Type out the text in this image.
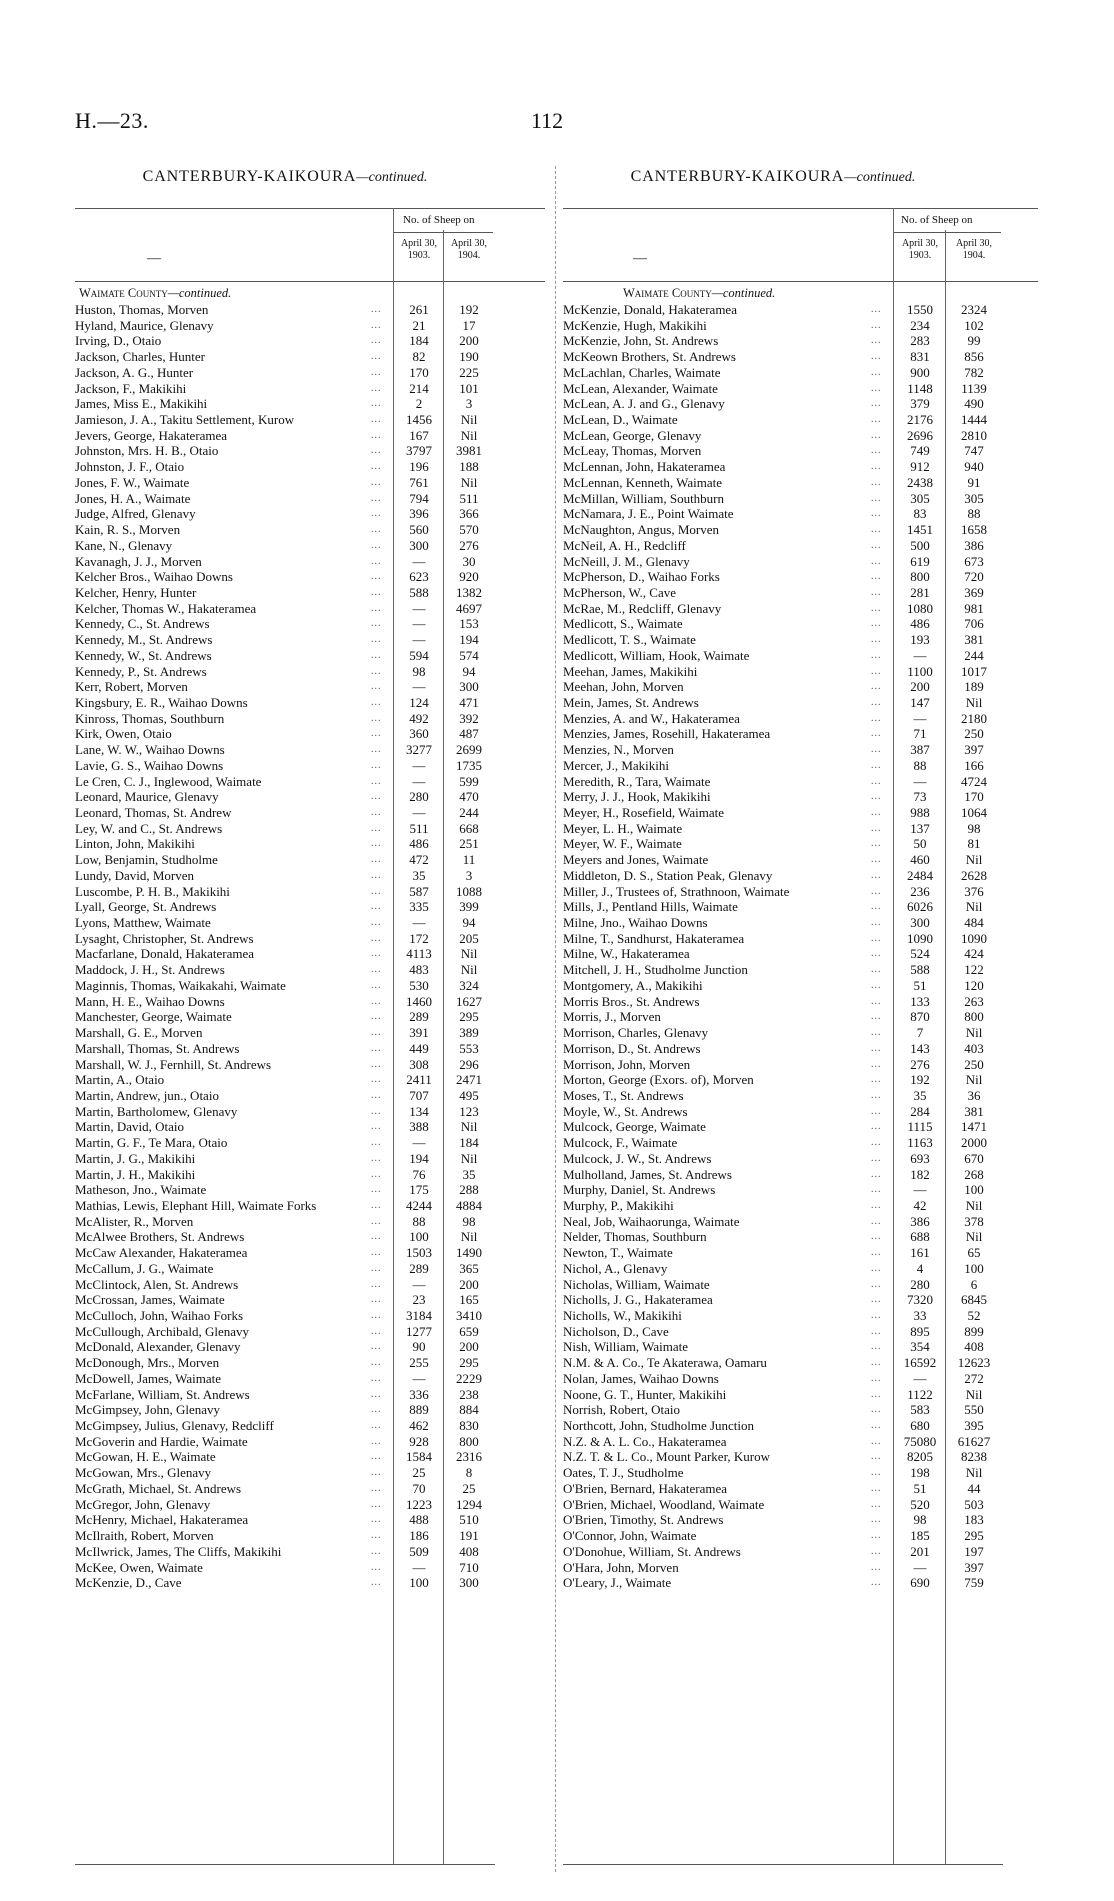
H.—23.	112
CANTERBURY-KAIKOURA—continued.
—
No. of Sheep on
April 30, 1903.
April 30, 1904.
Waimate County—continued.
Huston, Thomas, Morven	...	261	192
Hyland, Maurice, Glenavy	...	21	17
Irving, D., Otaio	...	184	200
Jackson, Charles, Hunter	...	82	190
Jackson, A. G., Hunter	...	170	225
Jackson, F., Makikihi	...	214	101
James, Miss E., Makikihi	...	2	3
Jamieson, J. A., Takitu Settlement, Kurow	...	1456	Nil
Jevers, George, Hakateramea	...	167	Nil
Johnston, Mrs. H. B., Otaio	...	3797	3981
Johnston, J. F., Otaio	...	196	188
Jones, F. W., Waimate	...	761	Nil
Jones, H. A., Waimate	...	794	511
Judge, Alfred, Glenavy	...	396	366
Kain, R. S., Morven	...	560	570
Kane, N., Glenavy	...	300	276
Kavanagh, J. J., Morven	...	—	30
Kelcher Bros., Waihao Downs	...	623	920
Kelcher, Henry, Hunter	...	588	1382
Kelcher, Thomas W., Hakateramea	...	—	4697
Kennedy, C., St. Andrews	...	—	153
Kennedy, M., St. Andrews	...	—	194
Kennedy, W., St. Andrews	...	594	574
Kennedy, P., St. Andrews	...	98	94
Kerr, Robert, Morven	...	—	300
Kingsbury, E. R., Waihao Downs	...	124	471
Kinross, Thomas, Southburn	...	492	392
Kirk, Owen, Otaio	...	360	487
Lane, W. W., Waihao Downs	...	3277	2699
Lavie, G. S., Waihao Downs	...	—	1735
Le Cren, C. J., Inglewood, Waimate	...	—	599
Leonard, Maurice, Glenavy	...	280	470
Leonard, Thomas, St. Andrew	...	—	244
Ley, W. and C., St. Andrews	...	511	668
Linton, John, Makikihi	...	486	251
Low, Benjamin, Studholme	...	472	11
Lundy, David, Morven	...	35	3
Luscombe, P. H. B., Makikihi	...	587	1088
Lyall, George, St. Andrews	...	335	399
Lyons, Matthew, Waimate	...	—	94
Lysaght, Christopher, St. Andrews	...	172	205
Macfarlane, Donald, Hakateramea	...	4113	Nil
Maddock, J. H., St. Andrews	...	483	Nil
Maginnis, Thomas, Waikakahi, Waimate	...	530	324
Mann, H. E., Waihao Downs	...	1460	1627
Manchester, George, Waimate	...	289	295
Marshall, G. E., Morven	...	391	389
Marshall, Thomas, St. Andrews	...	449	553
Marshall, W. J., Fernhill, St. Andrews	...	308	296
Martin, A., Otaio	...	2411	2471
Martin, Andrew, jun., Otaio	...	707	495
Martin, Bartholomew, Glenavy	...	134	123
Martin, David, Otaio	...	388	Nil
Martin, G. F., Te Mara, Otaio	...	—	184
Martin, J. G., Makikihi	...	194	Nil
Martin, J. H., Makikihi	...	76	35
Matheson, Jno., Waimate	...	175	288
Mathias, Lewis, Elephant Hill, Waimate Forks	...	4244	4884
McAlister, R., Morven	...	88	98
McAlwee Brothers, St. Andrews	...	100	Nil
McCaw Alexander, Hakateramea	...	1503	1490
McCallum, J. G., Waimate	...	289	365
McClintock, Alen, St. Andrews	...	—	200
McCrossan, James, Waimate	...	23	165
McCulloch, John, Waihao Forks	...	3184	3410
McCullough, Archibald, Glenavy	...	1277	659
McDonald, Alexander, Glenavy	...	90	200
McDonough, Mrs., Morven	...	255	295
McDowell, James, Waimate	...	—	2229
McFarlane, William, St. Andrews	...	336	238
McGimpsey, John, Glenavy	...	889	884
McGimpsey, Julius, Glenavy, Redcliff	...	462	830
McGoverin and Hardie, Waimate	...	928	800
McGowan, H. E., Waimate	...	1584	2316
McGowan, Mrs., Glenavy	...	25	8
McGrath, Michael, St. Andrews	...	70	25
McGregor, John, Glenavy	...	1223	1294
McHenry, Michael, Hakateramea	...	488	510
McIlraith, Robert, Morven	...	186	191
McIlwrick, James, The Cliffs, Makikihi	...	509	408
McKee, Owen, Waimate	...	—	710
McKenzie, D., Cave	...	100	300
CANTERBURY-KAIKOURA—continued.
—
No. of Sheep on
April 30, 1903.
April 30, 1904.
Waimate County—continued.
McKenzie, Donald, Hakateramea	...	1550	2324
McKenzie, Hugh, Makikihi	...	234	102
McKenzie, John, St. Andrews	...	283	99
McKeown Brothers, St. Andrews	...	831	856
McLachlan, Charles, Waimate	...	900	782
McLean, Alexander, Waimate	...	1148	1139
McLean, A. J. and G., Glenavy	...	379	490
McLean, D., Waimate	...	2176	1444
McLean, George, Glenavy	...	2696	2810
McLeay, Thomas, Morven	...	749	747
McLennan, John, Hakateramea	...	912	940
McLennan, Kenneth, Waimate	...	2438	91
McMillan, William, Southburn	...	305	305
McNamara, J. E., Point Waimate	...	83	88
McNaughton, Angus, Morven	...	1451	1658
McNeil, A. H., Redcliff	...	500	386
McNeill, J. M., Glenavy	...	619	673
McPherson, D., Waihao Forks	...	800	720
McPherson, W., Cave	...	281	369
McRae, M., Redcliff, Glenavy	...	1080	981
Medlicott, S., Waimate	...	486	706
Medlicott, T. S., Waimate	...	193	381
Medlicott, William, Hook, Waimate	...	—	244
Meehan, James, Makikihi	...	1100	1017
Meehan, John, Morven	...	200	189
Mein, James, St. Andrews	...	147	Nil
Menzies, A. and W., Hakateramea	...	—	2180
Menzies, James, Rosehill, Hakateramea	...	71	250
Menzies, N., Morven	...	387	397
Mercer, J., Makikihi	...	88	166
Meredith, R., Tara, Waimate	...	—	4724
Merry, J. J., Hook, Makikihi	...	73	170
Meyer, H., Rosefield, Waimate	...	988	1064
Meyer, L. H., Waimate	...	137	98
Meyer, W. F., Waimate	...	50	81
Meyers and Jones, Waimate	...	460	Nil
Middleton, D. S., Station Peak, Glenavy	...	2484	2628
Miller, J., Trustees of, Strathnoon, Waimate	...	236	376
Mills, J., Pentland Hills, Waimate	...	6026	Nil
Milne, Jno., Waihao Downs	...	300	484
Milne, T., Sandhurst, Hakateramea	...	1090	1090
Milne, W., Hakateramea	...	524	424
Mitchell, J. H., Studholme Junction	...	588	122
Montgomery, A., Makikihi	...	51	120
Morris Bros., St. Andrews	...	133	263
Morris, J., Morven	...	870	800
Morrison, Charles, Glenavy	...	7	Nil
Morrison, D., St. Andrews	...	143	403
Morrison, John, Morven	...	276	250
Morton, George (Exors. of), Morven	...	192	Nil
Moses, T., St. Andrews	...	35	36
Moyle, W., St. Andrews	...	284	381
Mulcock, George, Waimate	...	1115	1471
Mulcock, F., Waimate	...	1163	2000
Mulcock, J. W., St. Andrews	...	693	670
Mulholland, James, St. Andrews	...	182	268
Murphy, Daniel, St. Andrews	...	—	100
Murphy, P., Makikihi	...	42	Nil
Neal, Job, Waihaorunga, Waimate	...	386	378
Nelder, Thomas, Southburn	...	688	Nil
Newton, T., Waimate	...	161	65
Nichol, A., Glenavy	...	4	100
Nicholas, William, Waimate	...	280	6
Nicholls, J. G., Hakateramea	...	7320	6845
Nicholls, W., Makikihi	...	33	52
Nicholson, D., Cave	...	895	899
Nish, William, Waimate	...	354	408
N.M. & A. Co., Te Akaterawa, Oamaru	...	16592	12623
Nolan, James, Waihao Downs	...	—	272
Noone, G. T., Hunter, Makikihi	...	1122	Nil
Norrish, Robert, Otaio	...	583	550
Northcott, John, Studholme Junction	...	680	395
N.Z. & A. L. Co., Hakateramea	...	75080	61627
N.Z. T. & L. Co., Mount Parker, Kurow	...	8205	8238
Oates, T. J., Studholme	...	198	Nil
O'Brien, Bernard, Hakateramea	...	51	44
O'Brien, Michael, Woodland, Waimate	...	520	503
O'Brien, Timothy, St. Andrews	...	98	183
O'Connor, John, Waimate	...	185	295
O'Donohue, William, St. Andrews	...	201	197
O'Hara, John, Morven	...	—	397
O'Leary, J., Waimate	...	690	759
